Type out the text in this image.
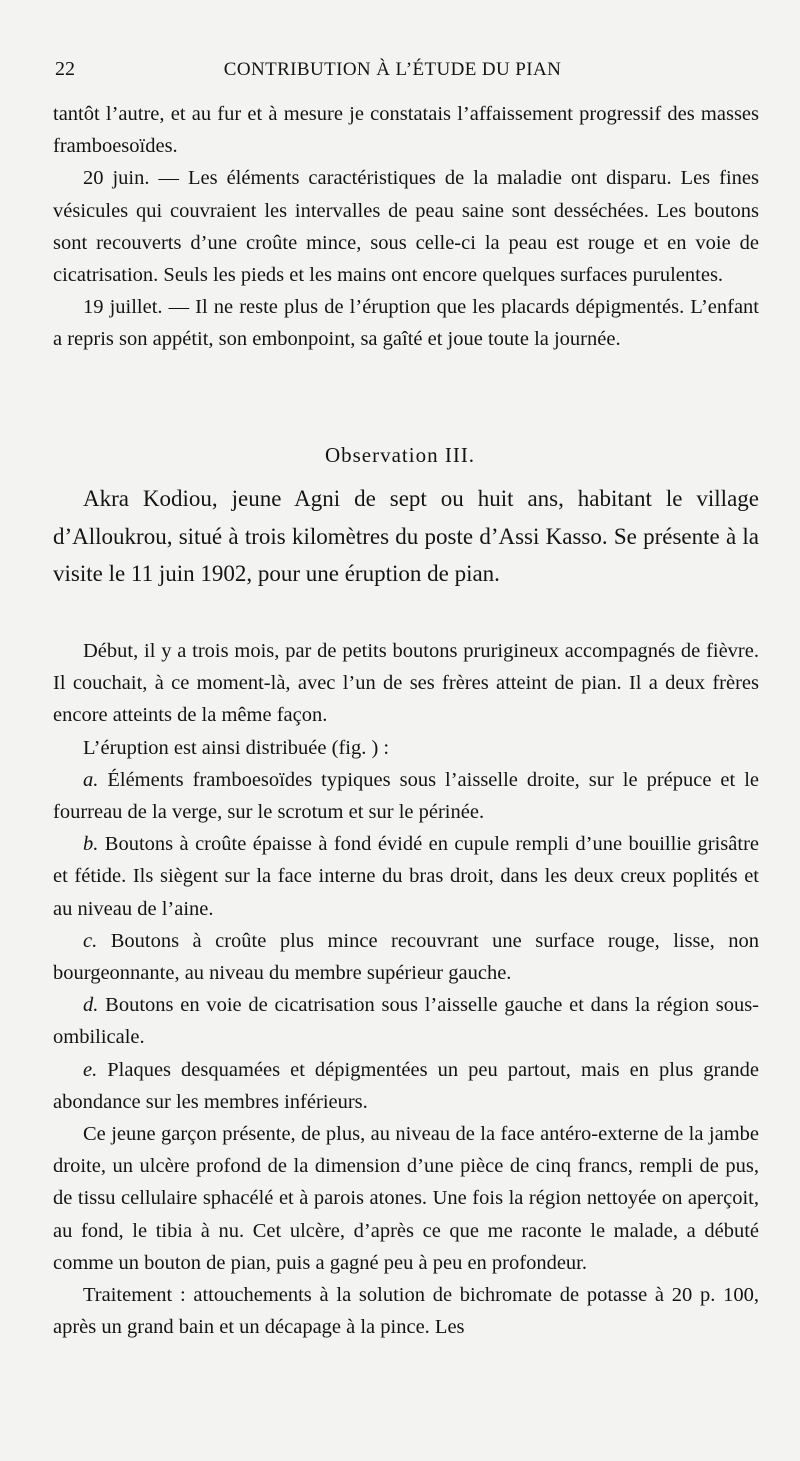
22	CONTRIBUTION À L’ÉTUDE DU PIAN

tantôt l’autre, et au fur et à mesure je constatais l’affaissement progressif des masses framboesoïdes.

20 juin. — Les éléments caractéristiques de la maladie ont disparu. Les fines vésicules qui couvraient les intervalles de peau saine sont desséchées. Les boutons sont recouverts d’une croûte mince, sous celle-ci la peau est rouge et en voie de cicatrisation. Seuls les pieds et les mains ont encore quelques surfaces purulentes.

19 juillet. — Il ne reste plus de l’éruption que les placards dépigmentés. L’enfant a repris son appétit, son embonpoint, sa gaîté et joue toute la journée.

Observation III.

Akra Kodiou, jeune Agni de sept ou huit ans, habitant le village d’Alloukrou, situé à trois kilomètres du poste d’Assi Kasso. Se présente à la visite le 11 juin 1902, pour une éruption de pian.

Début, il y a trois mois, par de petits boutons prurigineux accompagnés de fièvre. Il couchait, à ce moment-là, avec l’un de ses frères atteint de pian. Il a deux frères encore atteints de la même façon.

L’éruption est ainsi distribuée (fig. ) :

a. Éléments framboesoïdes typiques sous l’aisselle droite, sur le prépuce et le fourreau de la verge, sur le scrotum et sur le périnée.

b. Boutons à croûte épaisse à fond évidé en cupule rempli d’une bouillie grisâtre et fétide. Ils siègent sur la face interne du bras droit, dans les deux creux poplités et au niveau de l’aine.

c. Boutons à croûte plus mince recouvrant une surface rouge, lisse, non bourgeonnante, au niveau du membre supérieur gauche.

d. Boutons en voie de cicatrisation sous l’aisselle gauche et dans la région sous-ombilicale.

e. Plaques desquamées et dépigmentées un peu partout, mais en plus grande abondance sur les membres inférieurs.

Ce jeune garçon présente, de plus, au niveau de la face antéro-externe de la jambe droite, un ulcère profond de la dimension d’une pièce de cinq francs, rempli de pus, de tissu cellulaire sphacélé et à parois atones. Une fois la région nettoyée on aperçoit, au fond, le tibia à nu. Cet ulcère, d’après ce que me raconte le malade, a débuté comme un bouton de pian, puis a gagné peu à peu en profondeur.

Traitement : attouchements à la solution de bichromate de potasse à 20 p. 100, après un grand bain et un décapage à la pince. Les
